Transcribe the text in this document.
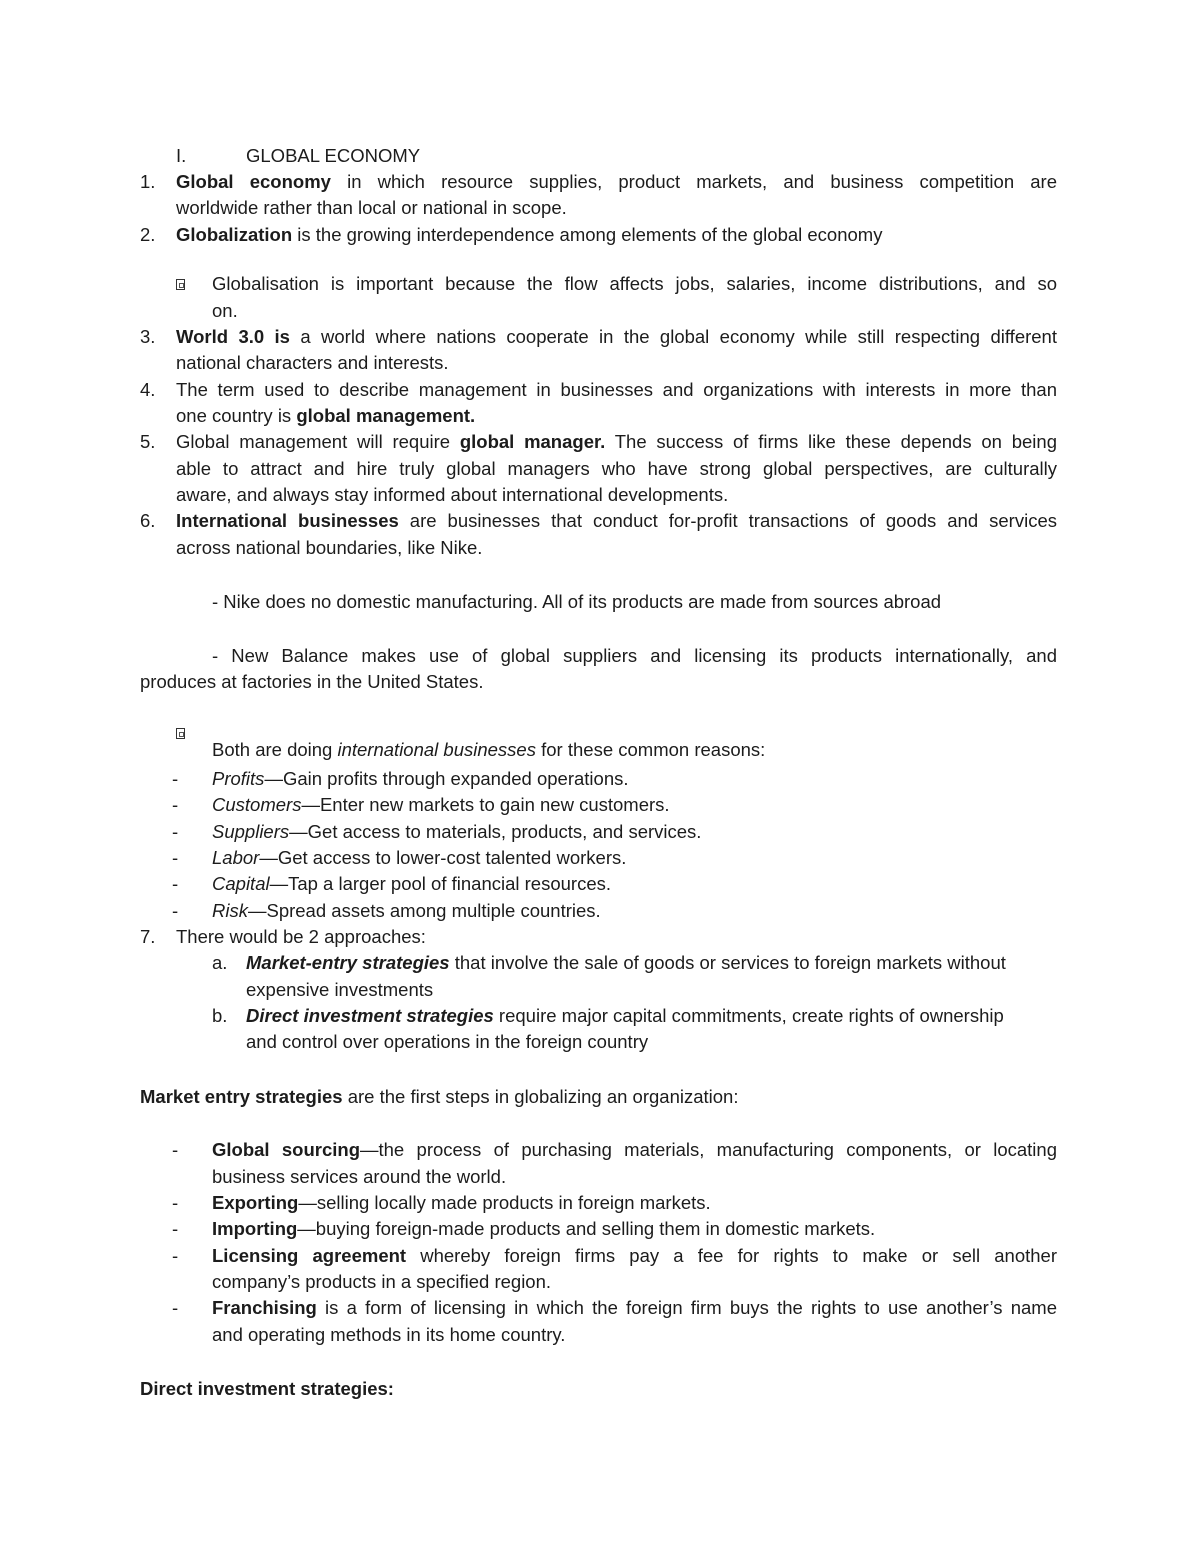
I.	GLOBAL ECONOMY
1.	Global economy in which resource supplies, product markets, and business competition are
worldwide rather than local or national in scope.
2.	Globalization is the growing interdependence among elements of the global economy
Globalisation is important because the flow affects jobs, salaries, income distributions, and so
on.
3.	World 3.0 is a world where nations cooperate in the global economy while still respecting different
national characters and interests.
4.	The term used to describe management in businesses and organizations with interests in more than
one country is global management.
5.	Global management will require global manager. The success of firms like these depends on being
able to attract and hire truly global managers who have strong global perspectives, are culturally
aware, and always stay informed about international developments.
6.	International businesses are businesses that conduct for-profit transactions of goods and services
across national boundaries, like Nike.
- Nike does no domestic manufacturing. All of its products are made from sources abroad
- New Balance makes use of global suppliers and licensing its products internationally, and
produces at factories in the United States.
Both are doing international businesses for these common reasons:
- Profits—Gain profits through expanded operations.
- Customers—Enter new markets to gain new customers.
- Suppliers—Get access to materials, products, and services.
- Labor—Get access to lower-cost talented workers.
- Capital—Tap a larger pool of financial resources.
- Risk—Spread assets among multiple countries.
7.	There would be 2 approaches:
a. Market-entry strategies that involve the sale of goods or services to foreign markets without
expensive investments
b. Direct investment strategies require major capital commitments, create rights of ownership
and control over operations in the foreign country
Market entry strategies are the first steps in globalizing an organization:
- Global sourcing—the process of purchasing materials, manufacturing components, or locating
business services around the world.
- Exporting—selling locally made products in foreign markets.
- Importing—buying foreign-made products and selling them in domestic markets.
- Licensing agreement whereby foreign firms pay a fee for rights to make or sell another
company’s products in a specified region.
- Franchising is a form of licensing in which the foreign firm buys the rights to use another’s name
and operating methods in its home country.
Direct investment strategies:
